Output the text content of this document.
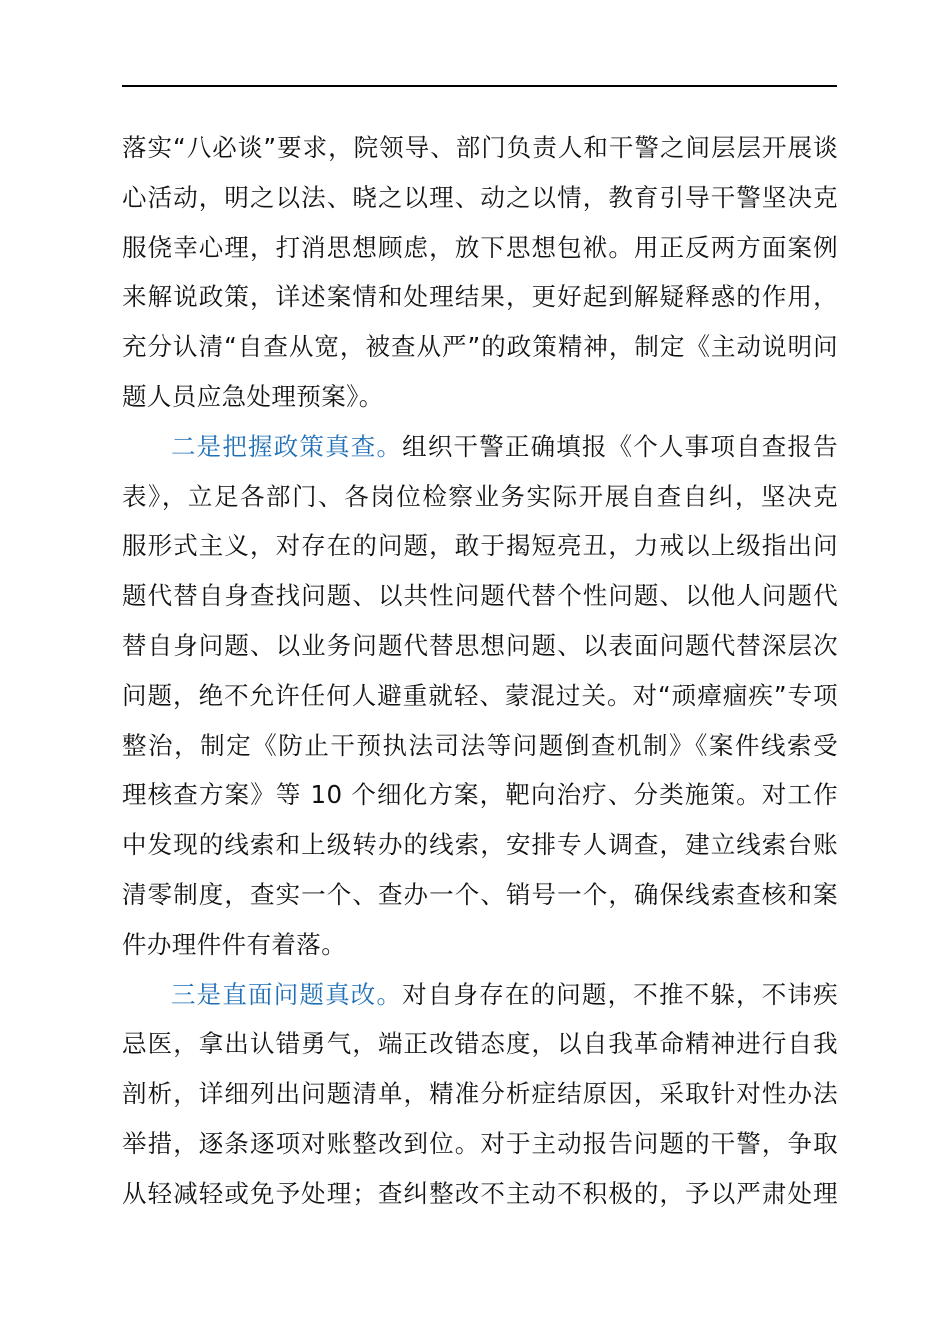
落实“八必谈”要求，院领导、部门负责人和干警之间层层开展谈
心活动，明之以法、晓之以理、动之以情，教育引导干警坚决克
服侥幸心理，打消思想顾虑，放下思想包袱。用正反两方面案例
来解说政策，详述案情和处理结果，更好起到解疑释惑的作用，
充分认清“自查从宽，被查从严”的政策精神，制定《主动说明问
题人员应急处理预案》。

二是把握政策真查。组织干警正确填报《个人事项自查报告
表》，立足各部门、各岗位检察业务实际开展自查自纠，坚决克
服形式主义，对存在的问题，敢于揭短亮丑，力戒以上级指出问
题代替自身查找问题、以共性问题代替个性问题、以他人问题代
替自身问题、以业务问题代替思想问题、以表面问题代替深层次
问题，绝不允许任何人避重就轻、蒙混过关。对“顽瘴痼疾”专项
整治，制定《防止干预执法司法等问题倒查机制》《案件线索受
理核查方案》等 10 个细化方案，靶向治疗、分类施策。对工作
中发现的线索和上级转办的线索，安排专人调查，建立线索台账
清零制度，查实一个、查办一个、销号一个，确保线索查核和案
件办理件件有着落。

三是直面问题真改。对自身存在的问题，不推不躲，不讳疾
忌医，拿出认错勇气，端正改错态度，以自我革命精神进行自我
剖析，详细列出问题清单，精准分析症结原因，采取针对性办法
举措，逐条逐项对账整改到位。对于主动报告问题的干警，争取
从轻减轻或免予处理；查纠整改不主动不积极的，予以严肃处理
